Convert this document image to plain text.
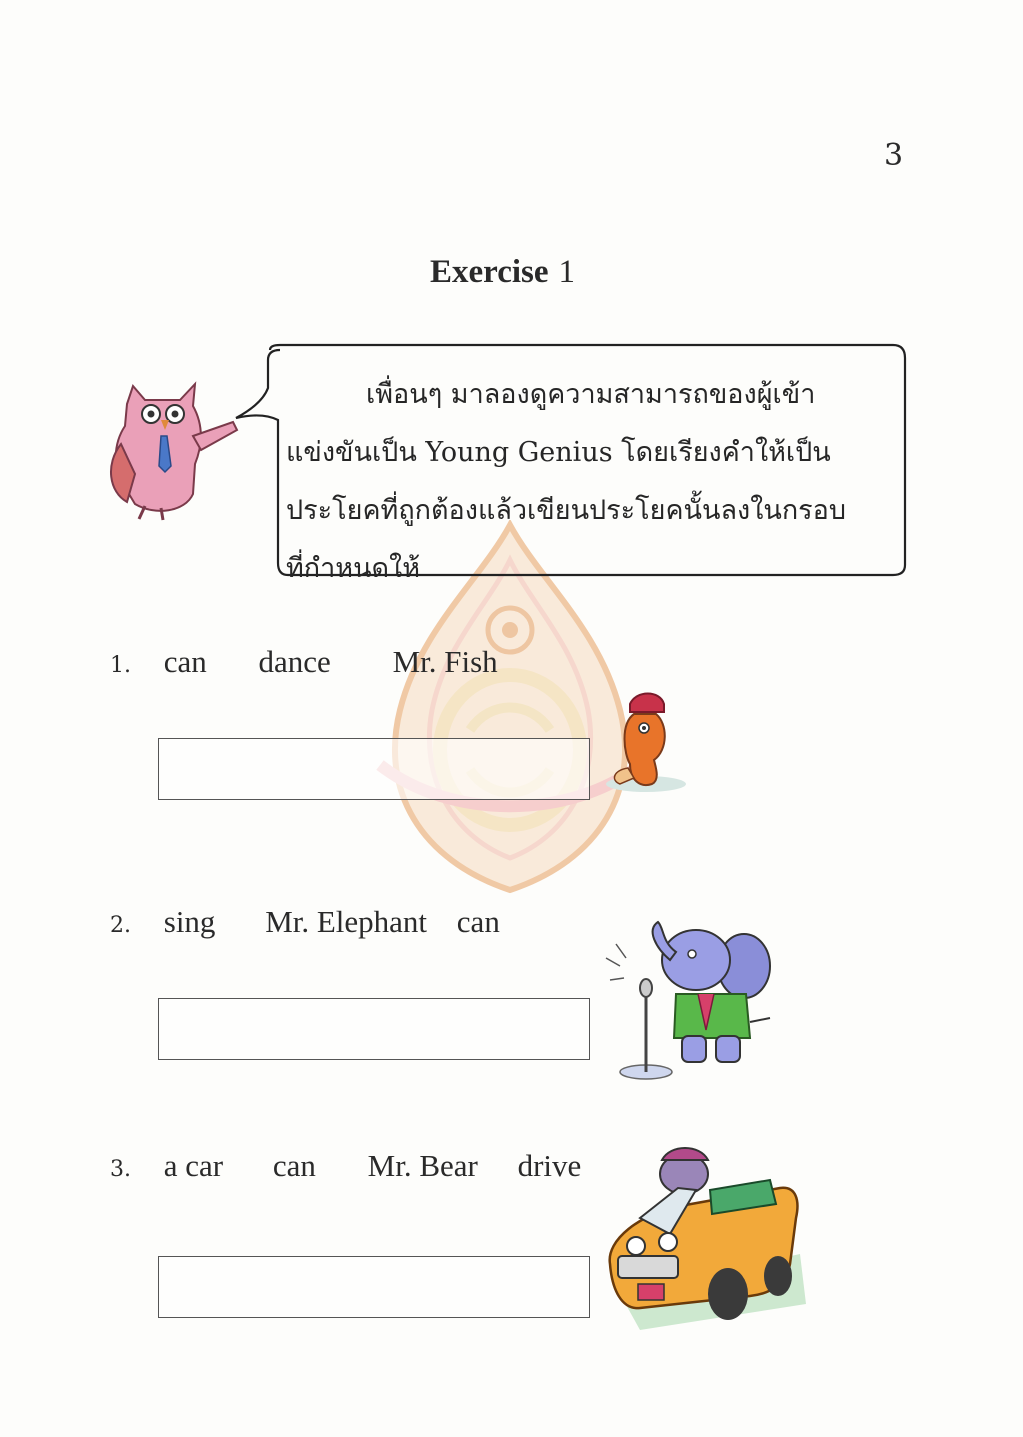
3
Exercise 1
เพื่อนๆ มาลองดูความสามารถของผู้เข้า
แข่งขันเป็น Young Genius โดยเรียงคำให้เป็น
ประโยคที่ถูกต้องแล้วเขียนประโยคนั้นลงในกรอบ
ที่กำหนดให้
1. can dance Mr. Fish
2. sing Mr. Elephant can
3. a car can Mr. Bear drive
